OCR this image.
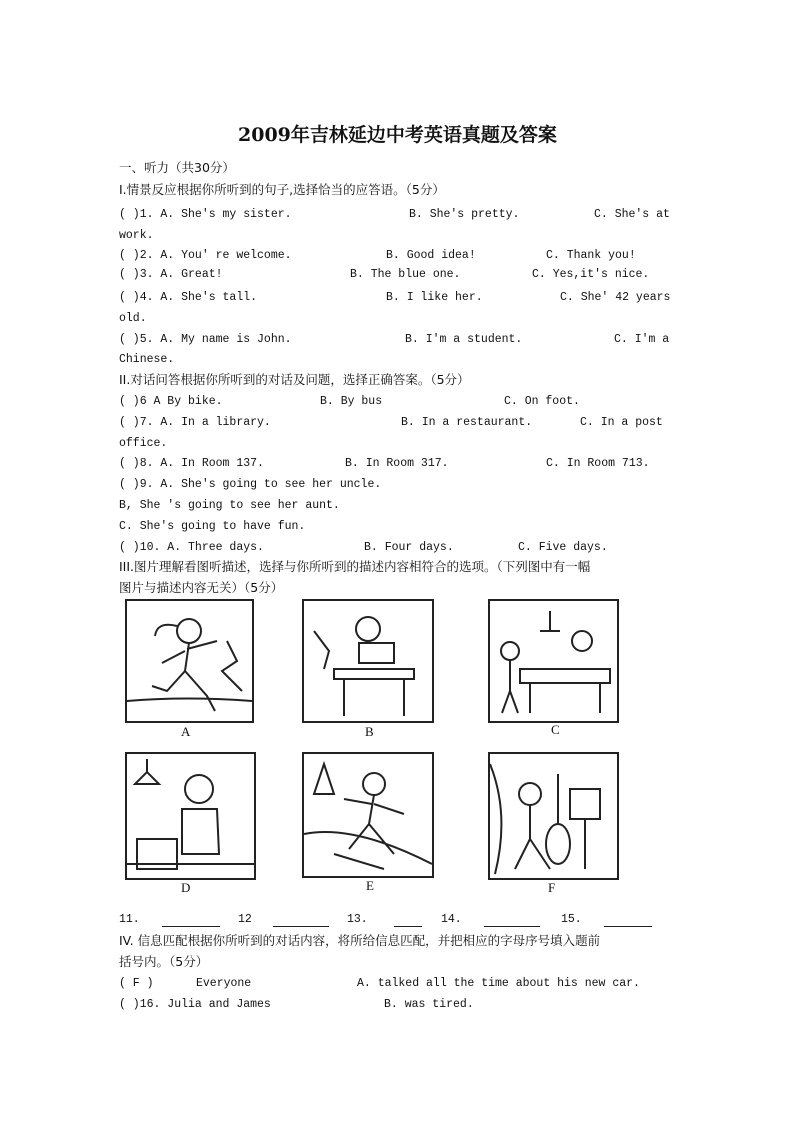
2009年吉林延边中考英语真题及答案
一、听力（共30分）
I.情景反应根据你所听到的句子,选择恰当的应答语。（5分）
( )1. A. She's my sister.	B. She's pretty.	C. She's at
work.
( )2. A. You' re welcome.	B. Good idea!	C. Thank you!
( )3. A. Great!	B. The blue one.	C. Yes,it's nice.
( )4. A. She's tall.	B. I like her.	C. She' 42 years
old.
( )5. A. My name is John.	B. I'm a student.	C. I'm a
Chinese.
II.对话问答根据你所听到的对话及问题，选择正确答案。（5分）
( )6 A By bike.	B. By bus	C. On foot.
( )7. A. In a library.	B. In a restaurant.	C. In a post
office.
( )8. A. In Room 137.	B. In Room 317.	C. In Room 713.
( )9. A. She's going to see her uncle.
B, She 's going to see her aunt.
C. She's going to have fun.
( )10. A. Three days.	B. Four days.	C. Five days.
III.图片理解看图听描述，选择与你所听到的描述内容相符合的选项。（下列图中有一幅
图片与描述内容无关）（5分）
A	B	C
D	E	F
11.	12	13.	14.	15.
IV. 信息匹配根据你所听到的对话内容，将所给信息匹配，并把相应的字母序号填入题前
括号内。（5分）
( F )	Everyone	A. talked all the time about his new car.
( )16. Julia and James	B. was tired.
